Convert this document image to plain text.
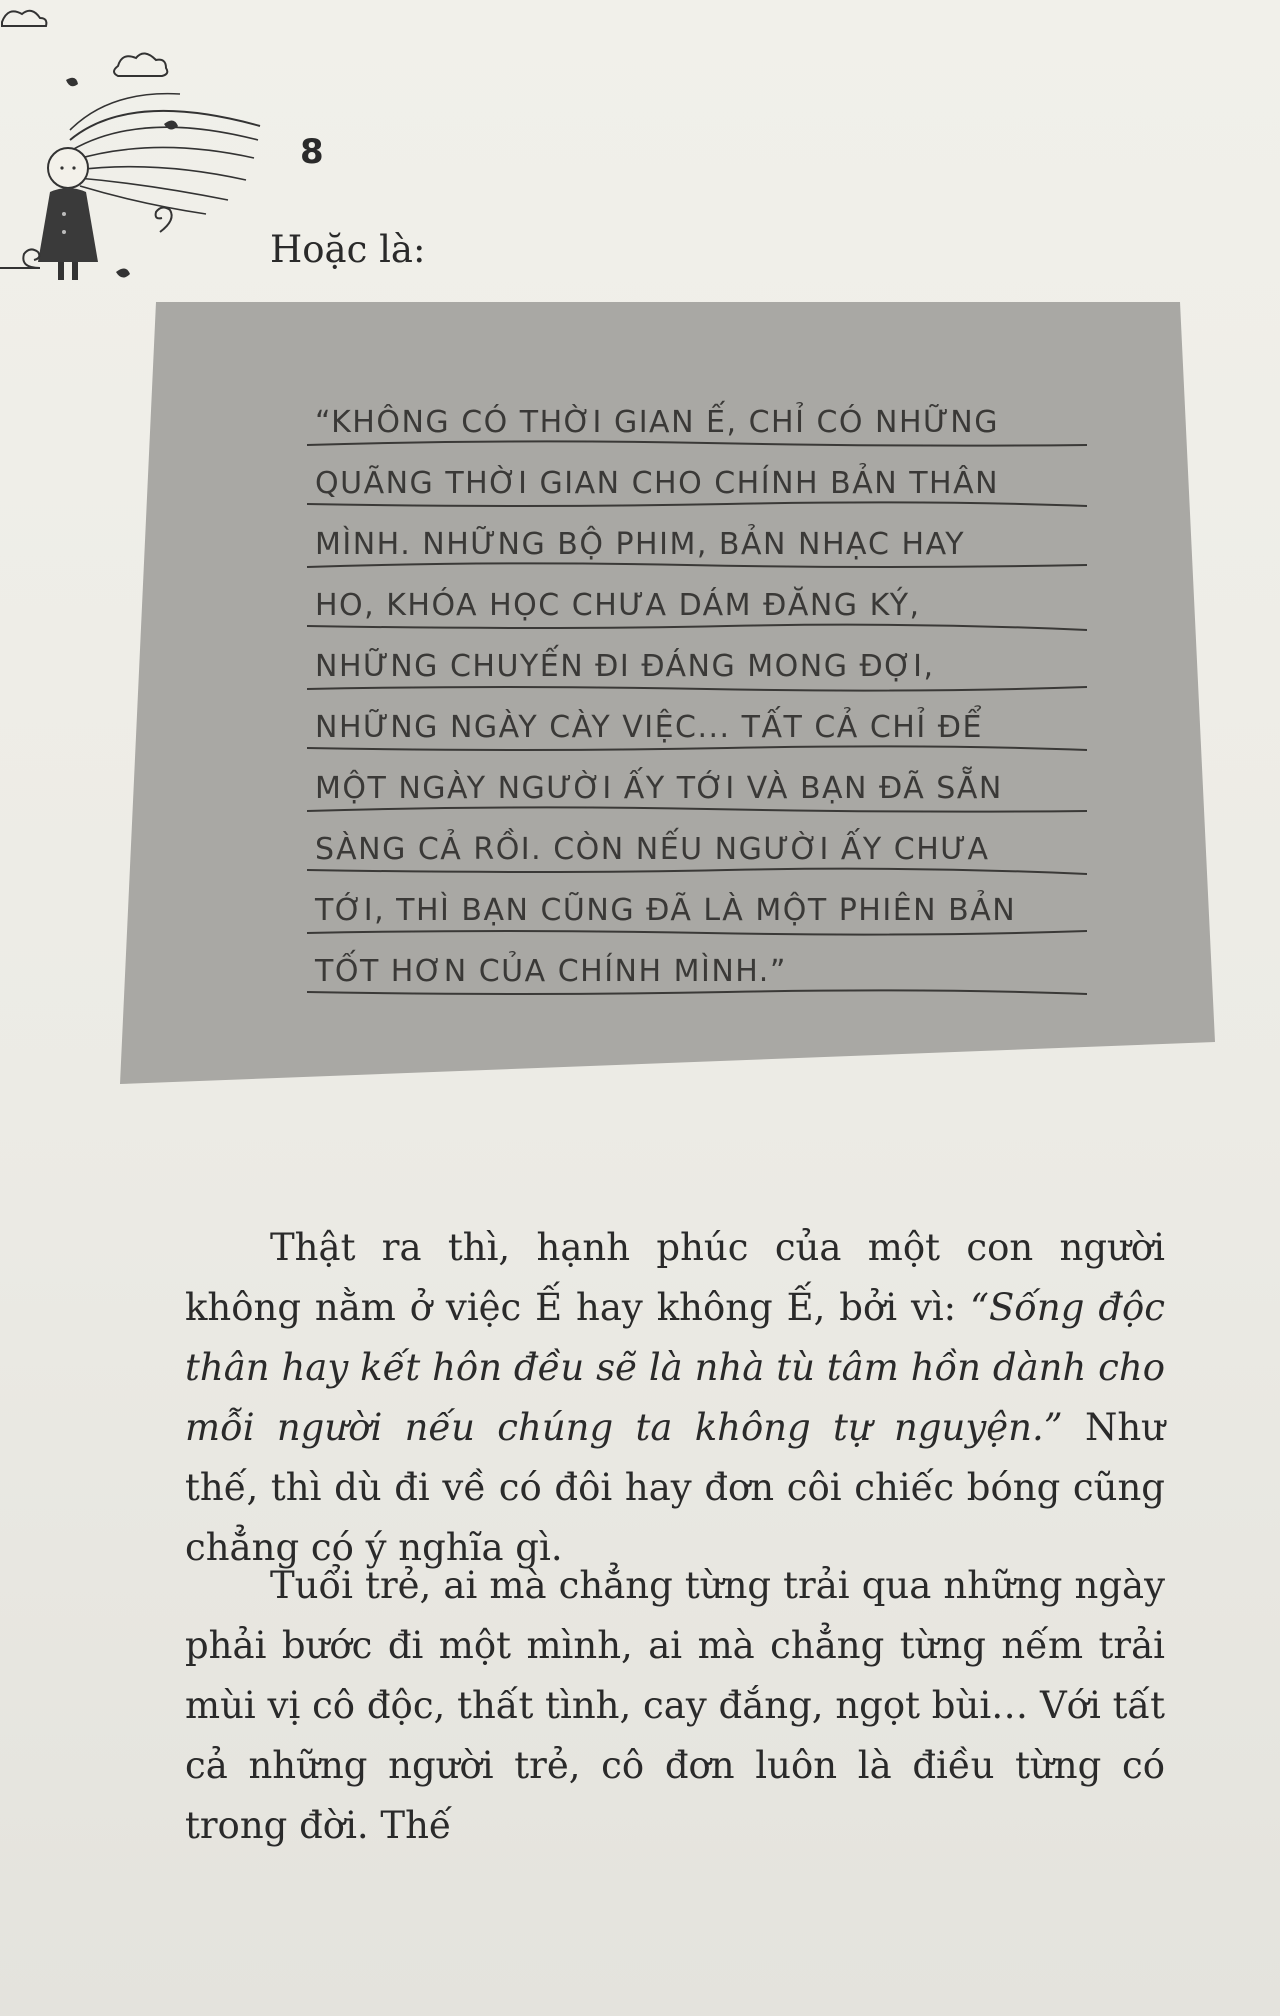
8
Hoặc là:
“KHÔNG CÓ THỜI GIAN Ế, CHỈ CÓ NHỮNG
QUÃNG THỜI GIAN CHO CHÍNH BẢN THÂN
MÌNH. NHỮNG BỘ PHIM, BẢN NHẠC HAY
HO, KHÓA HỌC CHƯA DÁM ĐĂNG KÝ,
NHỮNG CHUYẾN ĐI ĐÁNG MONG ĐỢI,
NHỮNG NGÀY CÀY VIỆC... TẤT CẢ CHỈ ĐỂ
MỘT NGÀY NGƯỜI ẤY TỚI VÀ BẠN ĐÃ SẴN
SÀNG CẢ RỒI. CÒN NẾU NGƯỜI ẤY CHƯA
TỚI, THÌ BẠN CŨNG ĐÃ LÀ MỘT PHIÊN BẢN
TỐT HƠN CỦA CHÍNH MÌNH.”
Thật ra thì, hạnh phúc của một con người không nằm ở việc Ế hay không Ế, bởi vì: “Sống độc thân hay kết hôn đều sẽ là nhà tù tâm hồn dành cho mỗi người nếu chúng ta không tự nguyện.” Như thế, thì dù đi về có đôi hay đơn côi chiếc bóng cũng chẳng có ý nghĩa gì.
Tuổi trẻ, ai mà chẳng từng trải qua những ngày phải bước đi một mình, ai mà chẳng từng nếm trải mùi vị cô độc, thất tình, cay đắng, ngọt bùi… Với tất cả những người trẻ, cô đơn luôn là điều từng có trong đời. Thế
